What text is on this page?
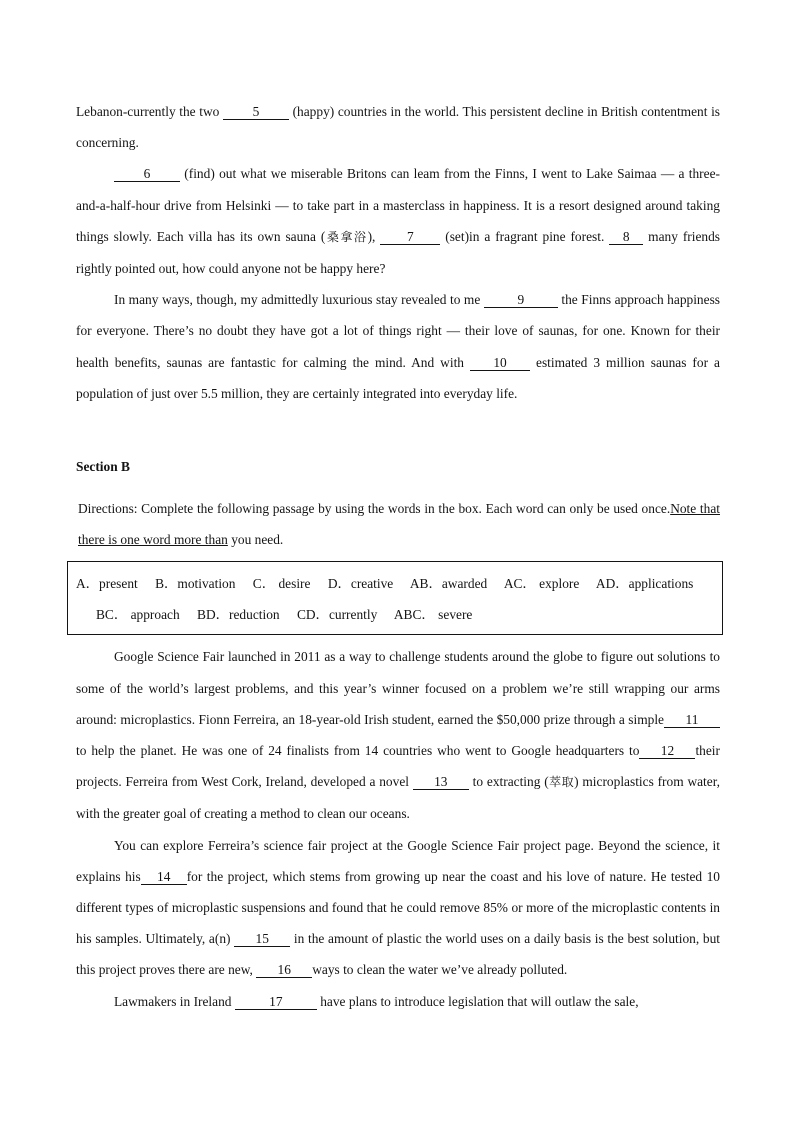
Lebanon-currently the two 5 (happy) countries in the world. This persistent decline in British contentment is concerning.

6	(find) out what we miserable Britons can leam from the Finns, I went to Lake Saimaa — a three-and-a-half-hour drive from Helsinki — to take part in a masterclass in happiness. It is a resort designed around taking things slowly. Each villa has its own sauna (桑拿浴), 7 (set)in a fragrant pine forest. 8 many friends rightly pointed out, how could anyone not be happy here?

In many ways, though, my admittedly luxurious stay revealed to me	9	the Finns approach happiness for everyone. There’s no doubt they have got a lot of things right — their love of saunas, for one. Known for their health benefits, saunas are fantastic for calming the mind. And with 10 estimated 3 million saunas for a population of just over 5.5 million, they are certainly integrated into everyday life.

Section B

Directions: Complete the following passage by using the words in the box. Each word can only be used once.Note that there is one word more than you need.

A．present B．motivation C． desire D．creative AB．awarded AC． explore AD．applications
BC． approach BD．reduction CD．currently ABC． severe

Google Science Fair launched in 2011 as a way to challenge students around the globe to figure out solutions to some of the world’s largest problems, and this year’s winner focused on a problem we’re still wrapping our arms around: microplastics. Fionn Ferreira, an 18-year-old Irish student, earned the $50,000 prize through a simple 11to help the planet. He was one of 24 finalists from 14 countries who went to Google headquarters to 12 their projects. Ferreira from West Cork, Ireland, developed a novel 13 to extracting (萃取) microplastics from water, with the greater goal of creating a method to clean our oceans.

You can explore Ferreira’s science fair project at the Google Science Fair project page. Beyond the science, it explains his 14 for the project, which stems from growing up near the coast and his love of nature. He tested 10 different types of microplastic suspensions and found that he could remove 85% or more of the microplastic contents in his samples. Ultimately, a(n) 15 in the amount of plastic the world uses on a daily basis is the best solution, but this project proves there are new, 16 ways to clean the water we’ve already polluted.

Lawmakers in Ireland	17	have plans to introduce legislation that will outlaw the sale,
